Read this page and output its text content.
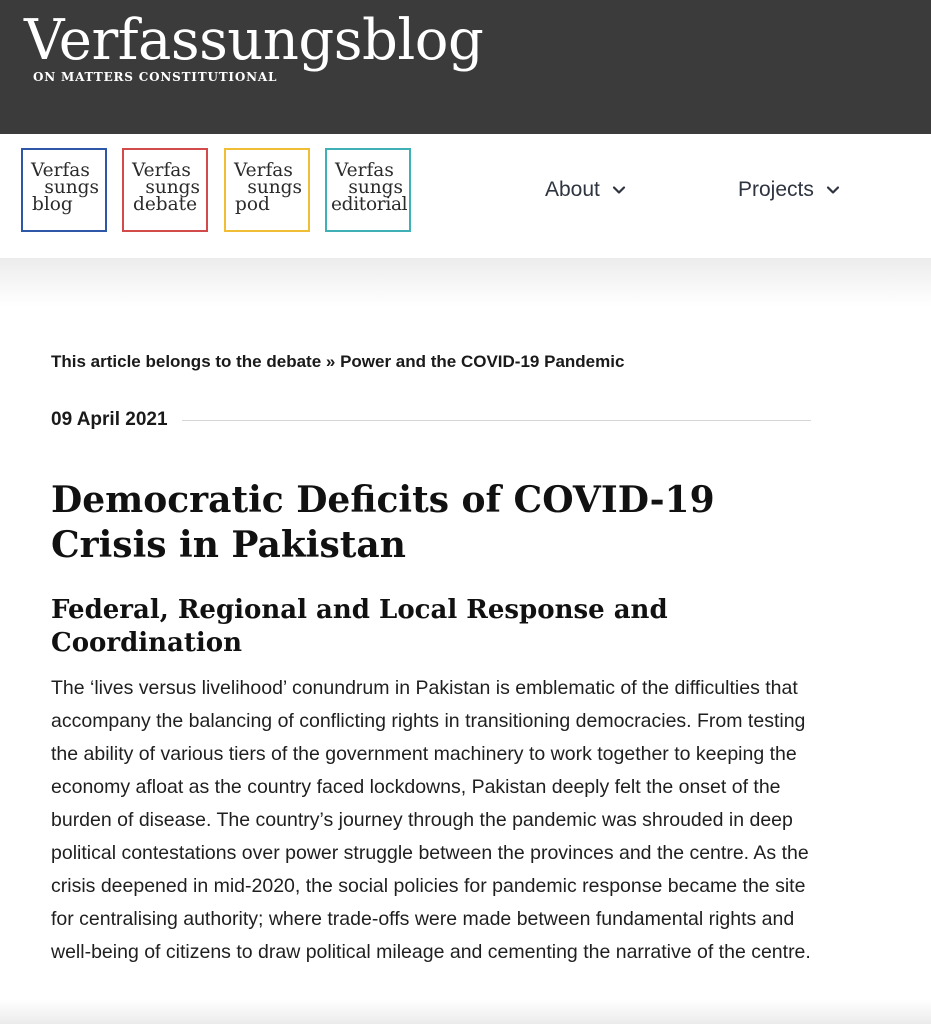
Verfassungsblog
ON MATTERS CONSTITUTIONAL
Verfas
sungs
blog
Verfas
sungs
debate
Verfas
sungs
pod
Verfas
sungs
editorial
About	Projects
This article belongs to the debate » Power and the COVID-19 Pandemic
09 April 2021
Democratic Deficits of COVID-19 Crisis in Pakistan
Federal, Regional and Local Response and Coordination

The ‘lives versus livelihood’ conundrum in Pakistan is emblematic of the difficulties that accompany the balancing of conflicting rights in transitioning democracies. From testing the ability of various tiers of the government machinery to work together to keeping the economy afloat as the country faced lockdowns, Pakistan deeply felt the onset of the burden of disease. The country’s journey through the pandemic was shrouded in deep political contestations over power struggle between the provinces and the centre. As the crisis deepened in mid-2020, the social policies for pandemic response became the site for centralising authority; where trade-offs were made between fundamental rights and well-being of citizens to draw political mileage and cementing the narrative of the centre.
